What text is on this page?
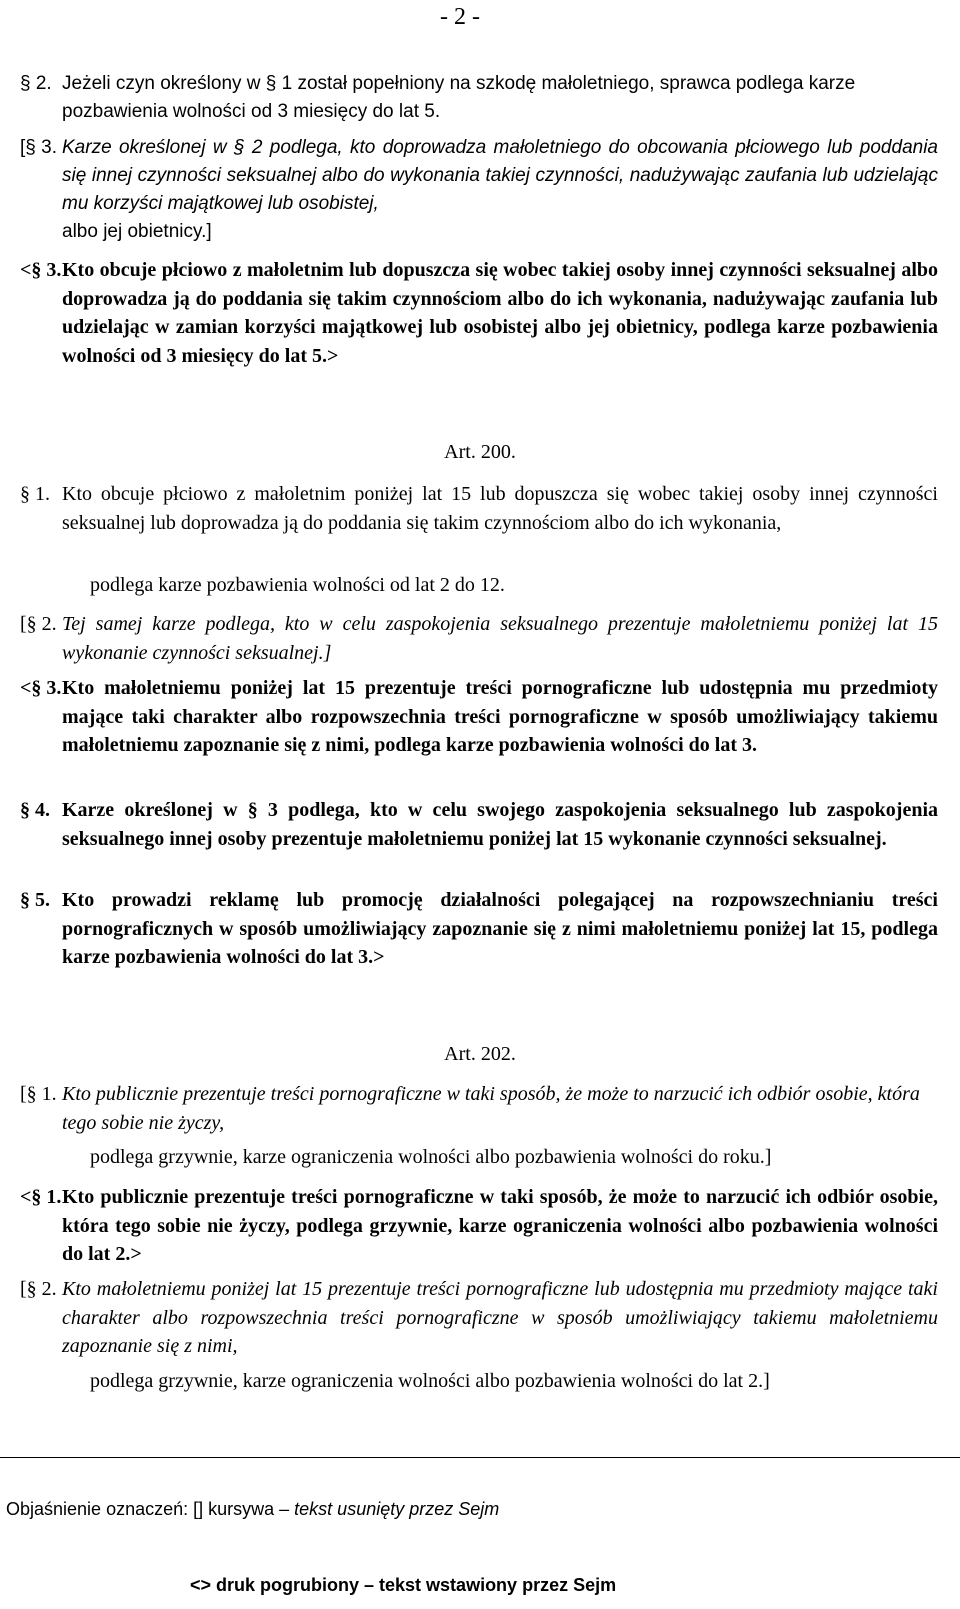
- 2 -
§ 2. Jeżeli czyn określony w § 1 został popełniony na szkodę małoletniego, sprawca podlega karze pozbawienia wolności od 3 miesięcy do lat 5.
[§ 3. Karze określonej w § 2 podlega, kto doprowadza małoletniego do obcowania płciowego lub poddania się innej czynności seksualnej albo do wykonania takiej czynności, nadużywając zaufania lub udzielając mu korzyści majątkowej lub osobistej,
albo jej obietnicy.]
<§ 3. Kto obcuje płciowo z małoletnim lub dopuszcza się wobec takiej osoby innej czynności seksualnej albo doprowadza ją do poddania się takim czynnościom albo do ich wykonania, nadużywając zaufania lub udzielając w zamian korzyści majątkowej lub osobistej albo jej obietnicy, podlega karze pozbawienia wolności od 3 miesięcy do lat 5.>
Art. 200.
§ 1. Kto obcuje płciowo z małoletnim poniżej lat 15 lub dopuszcza się wobec takiej osoby innej czynności seksualnej lub doprowadza ją do poddania się takim czynnościom albo do ich wykonania,
podlega karze pozbawienia wolności od lat 2 do 12.
[§ 2. Tej samej karze podlega, kto w celu zaspokojenia seksualnego prezentuje małoletniemu poniżej lat 15 wykonanie czynności seksualnej.]
<§ 3. Kto małoletniemu poniżej lat 15 prezentuje treści pornograficzne lub udostępnia mu przedmioty mające taki charakter albo rozpowszechnia treści pornograficzne w sposób umożliwiający takiemu małoletniemu zapoznanie się z nimi, podlega karze pozbawienia wolności do lat 3.
§ 4. Karze określonej w § 3 podlega, kto w celu swojego zaspokojenia seksualnego lub zaspokojenia seksualnego innej osoby prezentuje małoletniemu poniżej lat 15 wykonanie czynności seksualnej.
§ 5. Kto prowadzi reklamę lub promocję działalności polegającej na rozpowszechnianiu treści pornograficznych w sposób umożliwiający zapoznanie się z nimi małoletniemu poniżej lat 15, podlega karze pozbawienia wolności do lat 3.>
Art. 202.
[§ 1. Kto publicznie prezentuje treści pornograficzne w taki sposób, że może to narzucić ich odbiór osobie, która tego sobie nie życzy,
podlega grzywnie, karze ograniczenia wolności albo pozbawienia wolności do roku.]
<§ 1. Kto publicznie prezentuje treści pornograficzne w taki sposób, że może to narzucić ich odbiór osobie, która tego sobie nie życzy, podlega grzywnie, karze ograniczenia wolności albo pozbawienia wolności do lat 2.>
[§ 2. Kto małoletniemu poniżej lat 15 prezentuje treści pornograficzne lub udostępnia mu przedmioty mające taki charakter albo rozpowszechnia treści pornograficzne w sposób umożliwiający takiemu małoletniemu zapoznanie się z nimi,
podlega grzywnie, karze ograniczenia wolności albo pozbawienia wolności do lat 2.]
Objaśnienie oznaczeń: [] kursywa – tekst usunięty przez Sejm
<> druk pogrubiony – tekst wstawiony przez Sejm
